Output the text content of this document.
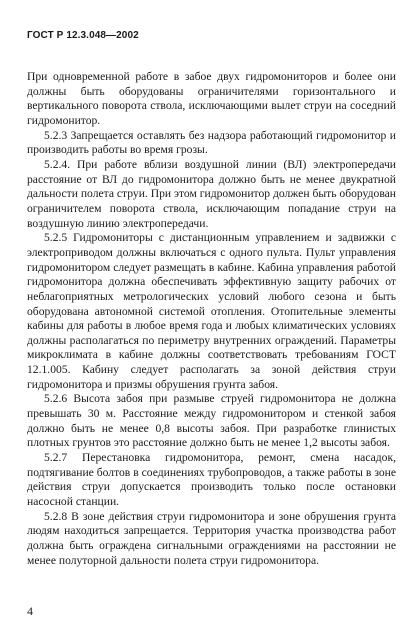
ГОСТ Р 12.3.048—2002

При одновременной работе в забое двух гидромониторов и более они должны быть оборудованы ограничителями горизонтального и вертикального поворота ствола, исключающими вылет струи на соседний гидромонитор.

5.2.3 Запрещается оставлять без надзора работающий гидромонитор и производить работы во время грозы.

5.2.4. При работе вблизи воздушной линии (ВЛ) электропередачи расстояние от ВЛ до гидромонитора должно быть не менее двукратной дальности полета струи. При этом гидромонитор должен быть оборудован ограничителем поворота ствола, исключающим попадание струи на воздушную линию электропередачи.

5.2.5 Гидромониторы с дистанционным управлением и задвижки с электроприводом должны включаться с одного пульта. Пульт управления гидромонитором следует размещать в кабине. Кабина управления работой гидромонитора должна обеспечивать эффективную защиту рабочих от неблагоприятных метрологических условий любого сезона и быть оборудована автономной системой отопления. Отопительные элементы кабины для работы в любое время года и любых климатических условиях должны располагаться по периметру внутренних ограждений. Параметры микроклимата в кабине должны соответствовать требованиям ГОСТ 12.1.005. Кабину следует располагать за зоной действия струи гидромонитора и призмы обрушения грунта забоя.

5.2.6 Высота забоя при размыве струей гидромонитора не должна превышать 30 м. Расстояние между гидромонитором и стенкой забоя должно быть не менее 0,8 высоты забоя. При разработке глинистых плотных грунтов это расстояние должно быть не менее 1,2 высоты забоя.

5.2.7 Перестановка гидромонитора, ремонт, смена насадок, подтягивание болтов в соединениях трубопроводов, а также работы в зоне действия струи допускается производить только после остановки насосной станции.

5.2.8 В зоне действия струи гидромонитора и зоне обрушения грунта людям находиться запрещается. Территория участка производства работ должна быть ограждена сигнальными ограждениями на расстоянии не менее полуторной дальности полета струи гидромонитора.

4
